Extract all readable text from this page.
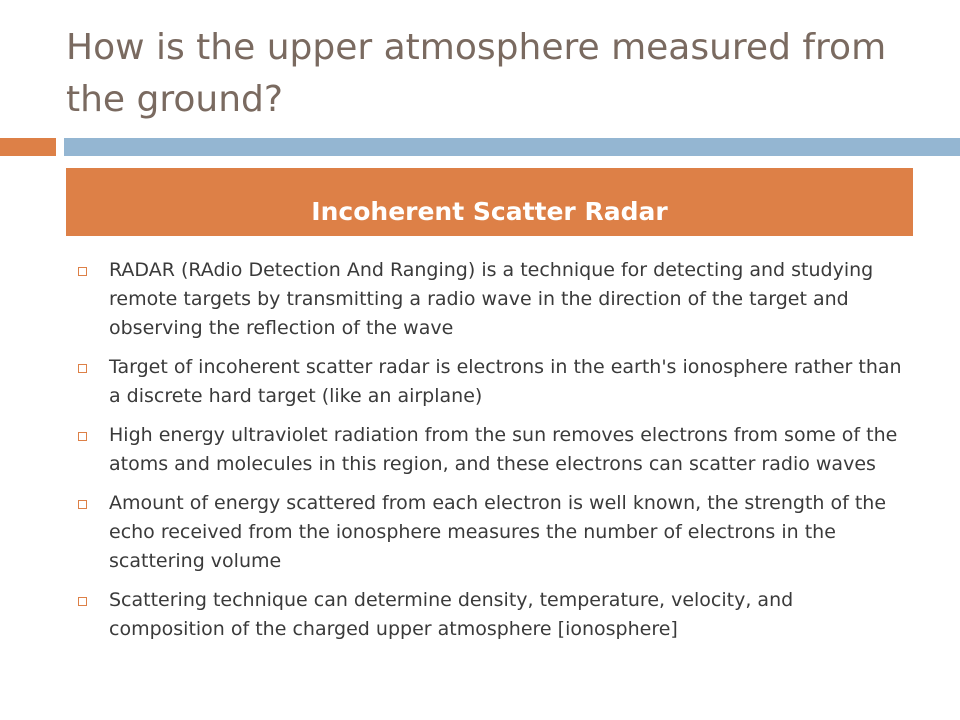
How is the upper atmosphere measured from the ground?
Incoherent Scatter Radar
RADAR (RAdio Detection And Ranging) is a technique for detecting and studying remote targets by transmitting a radio wave in the direction of the target and observing the reflection of the wave
Target of incoherent scatter radar is electrons in the earth's ionosphere rather than a discrete hard target (like an airplane)
High energy ultraviolet radiation from the sun removes electrons from some of the atoms and molecules in this region, and these electrons can scatter radio waves
Amount of energy scattered from each electron is well known, the strength of the echo received from the ionosphere measures the number of electrons in the scattering volume
Scattering technique can determine density, temperature, velocity, and composition of the charged upper atmosphere [ionosphere]
